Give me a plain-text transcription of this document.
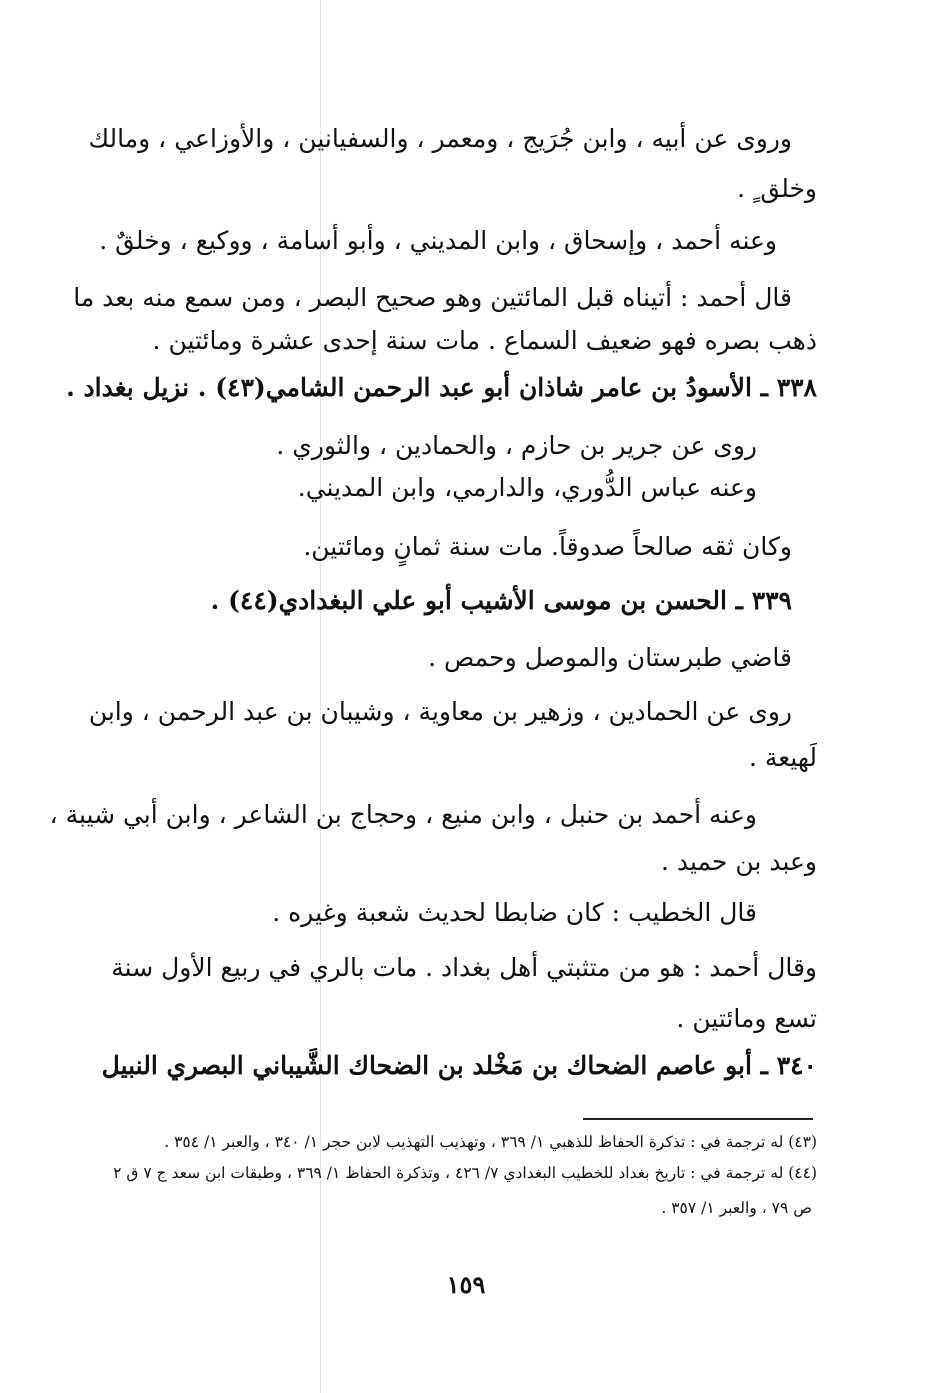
وروى عن أبيه ، وابن جُرَيج ، ومعمر ، والسفيانين ، والأوزاعي ، ومالك
وخلق ٍ .
وعنه أحمد ، وإسحاق ، وابن المديني ، وأبو أسامة ، ووكيع ، وخلقٌ .
قال أحمد : أتيناه قبل المائتين وهو صحيح البصر ، ومن سمع منه بعد ما
ذهب بصره فهو ضعيف السماع . مات سنة إحدى عشرة ومائتين .
٣٣٨ ـ الأسودُ بن عامر شاذان أبو عبد الرحمن الشامي(٤٣) . نزيل بغداد .
روى عن جرير بن حازم ، والحمادين ، والثوري .
وعنه عباس الدُّوري، والدارمي، وابن المديني.
وكان ثقه صالحاً صدوقاً. مات سنة ثمانٍ ومائتين.
٣٣٩ ـ الحسن بن موسى الأشيب أبو علي البغدادي(٤٤) .
قاضي طبرستان والموصل وحمص .
روى عن الحمادين ، وزهير بن معاوية ، وشيبان بن عبد الرحمن ، وابن
لَهيعة .
وعنه أحمد بن حنبل ، وابن منيع ، وحجاج بن الشاعر ، وابن أبي شيبة ،
وعبد بن حميد .
قال الخطيب : كان ضابطا لحديث شعبة وغيره .
وقال أحمد : هو من متثبتي أهل بغداد . مات بالري في ربيع الأول سنة
تسع ومائتين .
٣٤٠ ـ أبو عاصم الضحاك بن مَخْلد بن الضحاك الشَّيباني البصري النبيل
(٤٣) له ترجمة في : تذكرة الحفاظ للذهبي ١/ ٣٦٩ ، وتهذيب التهذيب لابن حجر ١/ ٣٤٠ ، والعبر ١/ ٣٥٤ .
(٤٤) له ترجمة في : تاريخ بغداد للخطيب البغدادي ٧/ ٤٢٦ ، وتذكرة الحفاظ ١/ ٣٦٩ ، وطبقات ابن سعد ج ٧ ق ٢
ص ٧٩ ، والعبر ١/ ٣٥٧ .
١٥٩
